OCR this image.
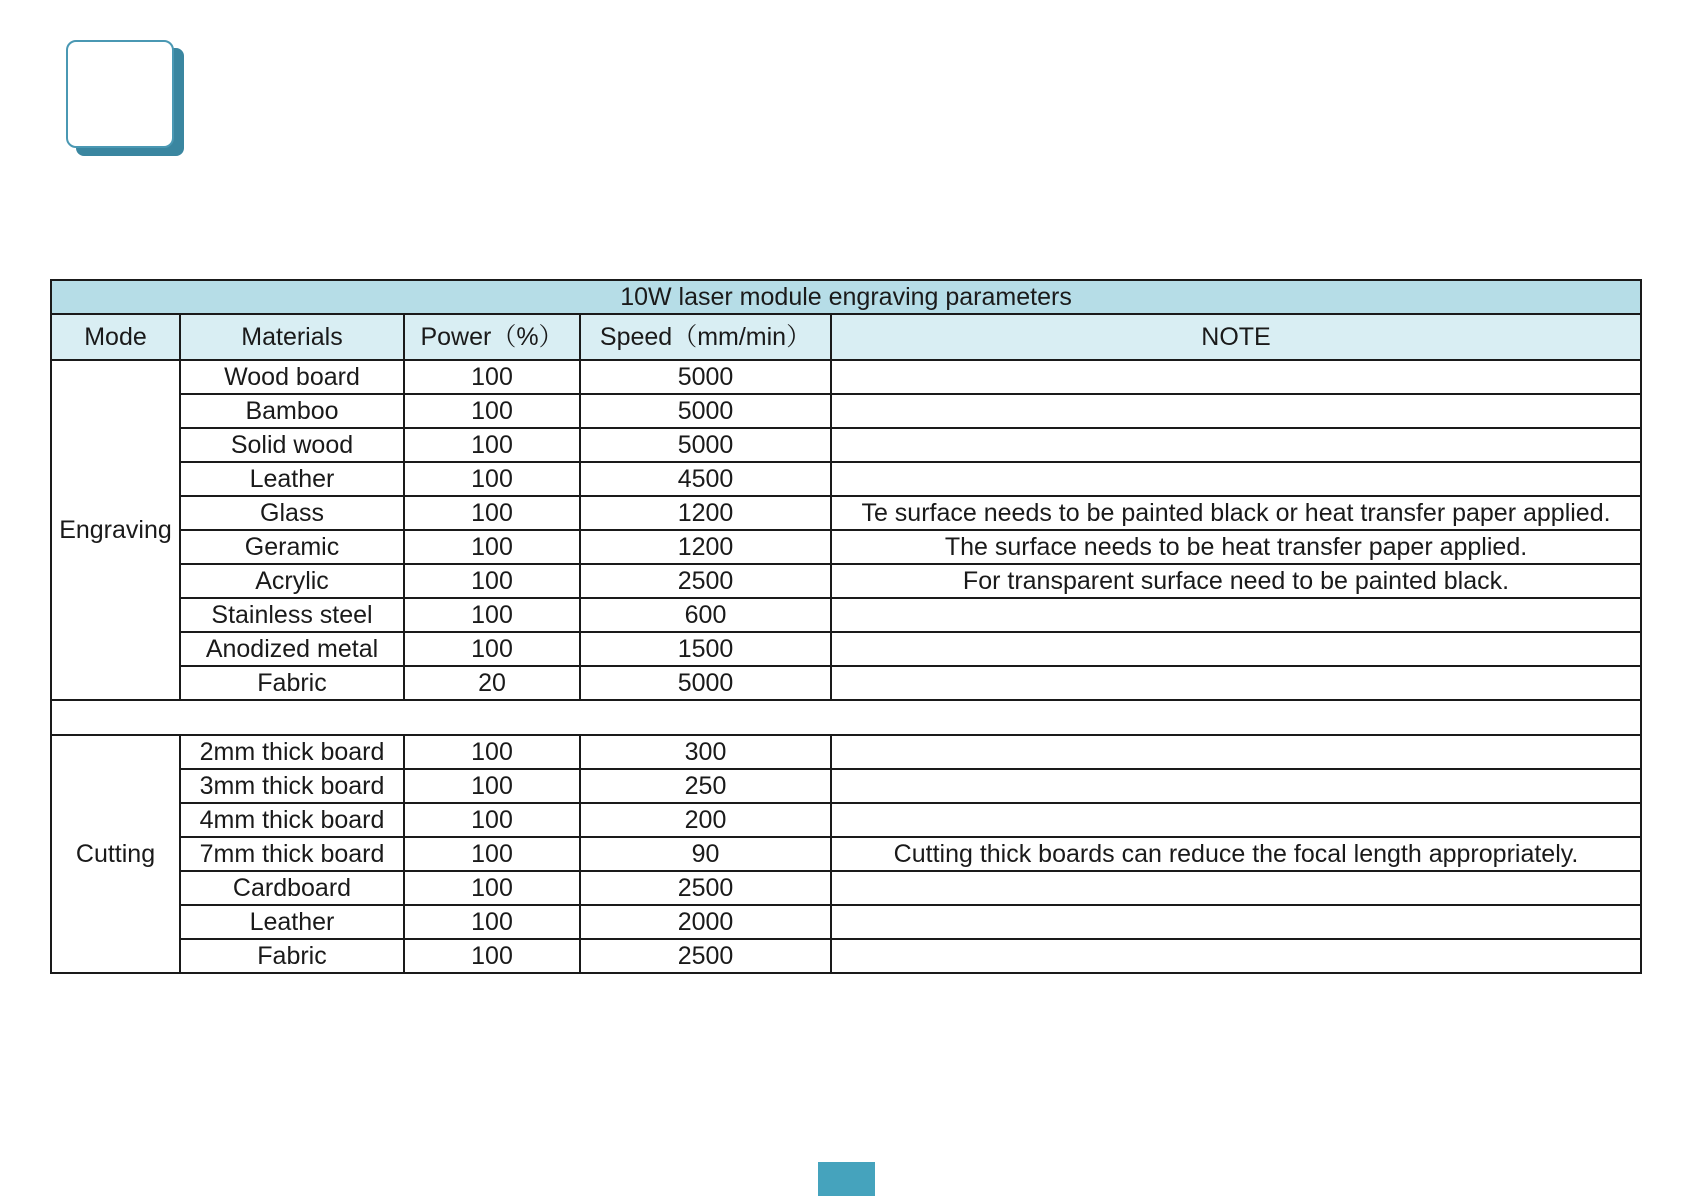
10W laser module engraving parameters				
Mode	Materials	Power（%）	Speed（mm/min）	NOTE
Engraving	Wood board	100	5000	
	Bamboo	100	5000	
	Solid wood	100	5000	
	Leather	100	4500	
	Glass	100	1200	Te surface needs to be painted black or heat transfer paper applied.
	Geramic	100	1200	The surface needs to be heat transfer paper applied.
	Acrylic	100	2500	For transparent surface need to be painted black.
	Stainless steel	100	600	
	Anodized metal	100	1500	
	Fabric	20	5000	

Cutting	2mm thick board	100	300	
	3mm thick board	100	250	
	4mm thick board	100	200	
	7mm thick board	100	90	Cutting thick boards can reduce the focal length appropriately.
	Cardboard	100	2500	
	Leather	100	2000	
	Fabric	100	2500	
